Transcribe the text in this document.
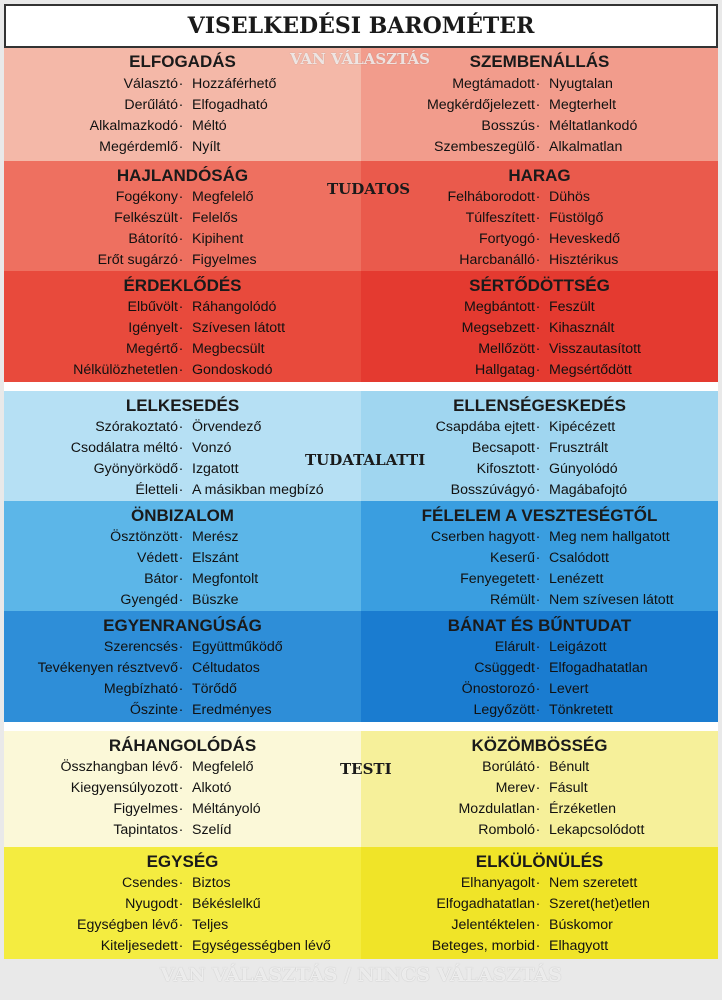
VISELKEDÉSI BAROMÉTER
ELFOGADÁS
Választó · Hozzáférhető
Derűlátó · Elfogadható
Alkalmazkodó · Méltó
Megérdemlő · Nyílt
SZEMBENÁLLÁS
Megtámadott · Nyugtalan
Megkérdőjelezett · Megterhelt
Bosszús · Méltatlankodó
Szembeszegülő · Alkalmatlan
HAJLANDÓSÁG
Fogékony · Megfelelő
Felkészült · Felelős
Bátorító · Kipihent
Erőt sugárzó · Figyelmes
HARAG
Felháborodott · Dühös
Túlfeszített · Füstölgő
Fortyogó · Heveskedő
Harcbanálló · Hisztérikus
ÉRDEKLŐDÉS
Elbűvölt · Ráhangolódó
Igényelt · Szívesen látott
Megértő · Megbecsült
Nélkülözhetetlen · Gondoskodó
SÉRTŐDÖTTSÉG
Megbántott · Feszült
Megsebzett · Kihasznált
Mellőzött · Visszautasított
Hallgatag · Megsértődött
LELKESEDÉS
Szórakoztató · Örvendező
Csodálatra méltó · Vonzó
Gyönyörködő · Izgatott
Életteli · A másikban megbízó
ELLENSÉGESKEDÉS
Csapdába ejtett · Kipécézett
Becsapott · Frusztrált
Kifosztott · Gúnyolódó
Bosszúvágyó · Magábafojtó
ÖNBIZALOM
Ösztönzött · Merész
Védett · Elszánt
Bátor · Megfontolt
Gyengéd · Büszke
FÉLELEM A VESZTESÉGTŐL
Cserben hagyott · Meg nem hallgatott
Keserű · Csalódott
Fenyegetett · Lenézett
Rémült · Nem szívesen látott
EGYENRANGÚSÁG
Szerencsés · Együttműködő
Tevékenyen résztvevő · Céltudatos
Megbízható · Törődő
Őszinte · Eredményes
BÁNAT ÉS BŰNTUDAT
Elárult · Leigázott
Csüggedt · Elfogadhatatlan
Önostorozó · Levert
Legyőzött · Tönkretett
RÁHANGOLÓDÁS
Összhangban lévő · Megfelelő
Kiegyensúlyozott · Alkotó
Figyelmes · Méltányoló
Tapintatos · Szelíd
KÖZÖMBÖSSÉG
Borúlátó · Bénult
Merev · Fásult
Mozdulatlan · Érzéketlen
Romboló · Lekapcsolódott
EGYSÉG
Csendes · Biztos
Nyugodt · Békéslelkű
Egységben lévő · Teljes
Kiteljesedett · Egységességben lévő
ELKÜLÖNÜLÉS
Elhanyagolt · Nem szeretett
Elfogadhatatlan · Szeret(het)etlen
Jelentéktelen · Búskomor
Beteges, morbid · Elhagyott
VAN VÁLASZTÁS
TUDATOS
TUDATALATTI
TESTI
VAN VÁLASZTÁS / NINCS VÁLASZTÁS
